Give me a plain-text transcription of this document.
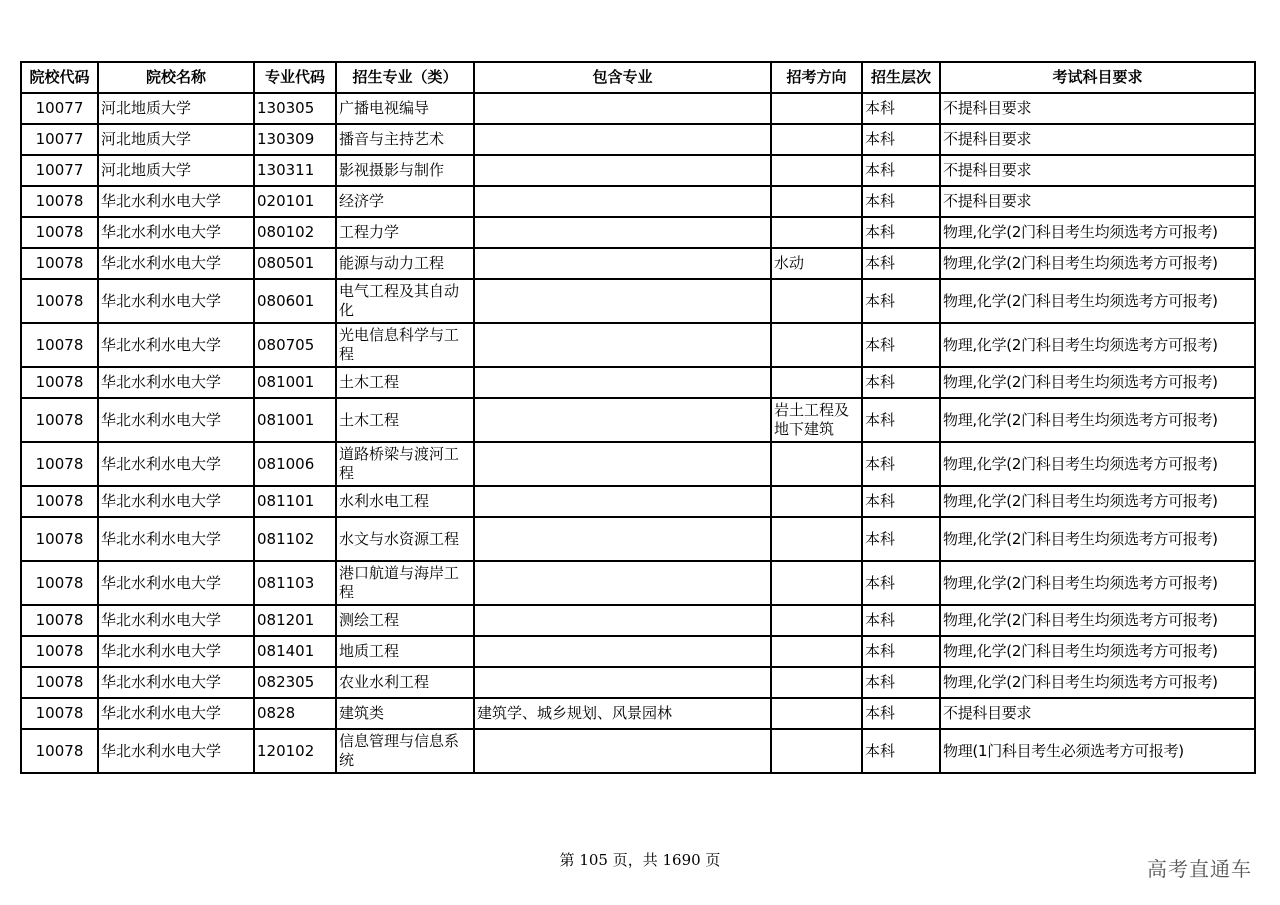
院校代码	院校名称	专业代码	招生专业（类）	包含专业	招考方向	招生层次	考试科目要求
10077	河北地质大学	130305	广播电视编导			本科	不提科目要求
10077	河北地质大学	130309	播音与主持艺术			本科	不提科目要求
10077	河北地质大学	130311	影视摄影与制作			本科	不提科目要求
10078	华北水利水电大学	020101	经济学			本科	不提科目要求
10078	华北水利水电大学	080102	工程力学			本科	物理,化学(2门科目考生均须选考方可报考)
10078	华北水利水电大学	080501	能源与动力工程		水动	本科	物理,化学(2门科目考生均须选考方可报考)
10078	华北水利水电大学	080601	电气工程及其自动化			本科	物理,化学(2门科目考生均须选考方可报考)
10078	华北水利水电大学	080705	光电信息科学与工程			本科	物理,化学(2门科目考生均须选考方可报考)
10078	华北水利水电大学	081001	土木工程			本科	物理,化学(2门科目考生均须选考方可报考)
10078	华北水利水电大学	081001	土木工程		岩土工程及地下建筑	本科	物理,化学(2门科目考生均须选考方可报考)
10078	华北水利水电大学	081006	道路桥梁与渡河工程			本科	物理,化学(2门科目考生均须选考方可报考)
10078	华北水利水电大学	081101	水利水电工程			本科	物理,化学(2门科目考生均须选考方可报考)
10078	华北水利水电大学	081102	水文与水资源工程			本科	物理,化学(2门科目考生均须选考方可报考)
10078	华北水利水电大学	081103	港口航道与海岸工程			本科	物理,化学(2门科目考生均须选考方可报考)
10078	华北水利水电大学	081201	测绘工程			本科	物理,化学(2门科目考生均须选考方可报考)
10078	华北水利水电大学	081401	地质工程			本科	物理,化学(2门科目考生均须选考方可报考)
10078	华北水利水电大学	082305	农业水利工程			本科	物理,化学(2门科目考生均须选考方可报考)
10078	华北水利水电大学	0828	建筑类	建筑学、城乡规划、风景园林		本科	不提科目要求
10078	华北水利水电大学	120102	信息管理与信息系统			本科	物理(1门科目考生必须选考方可报考)
第 105 页，共 1690 页	高考直通车
